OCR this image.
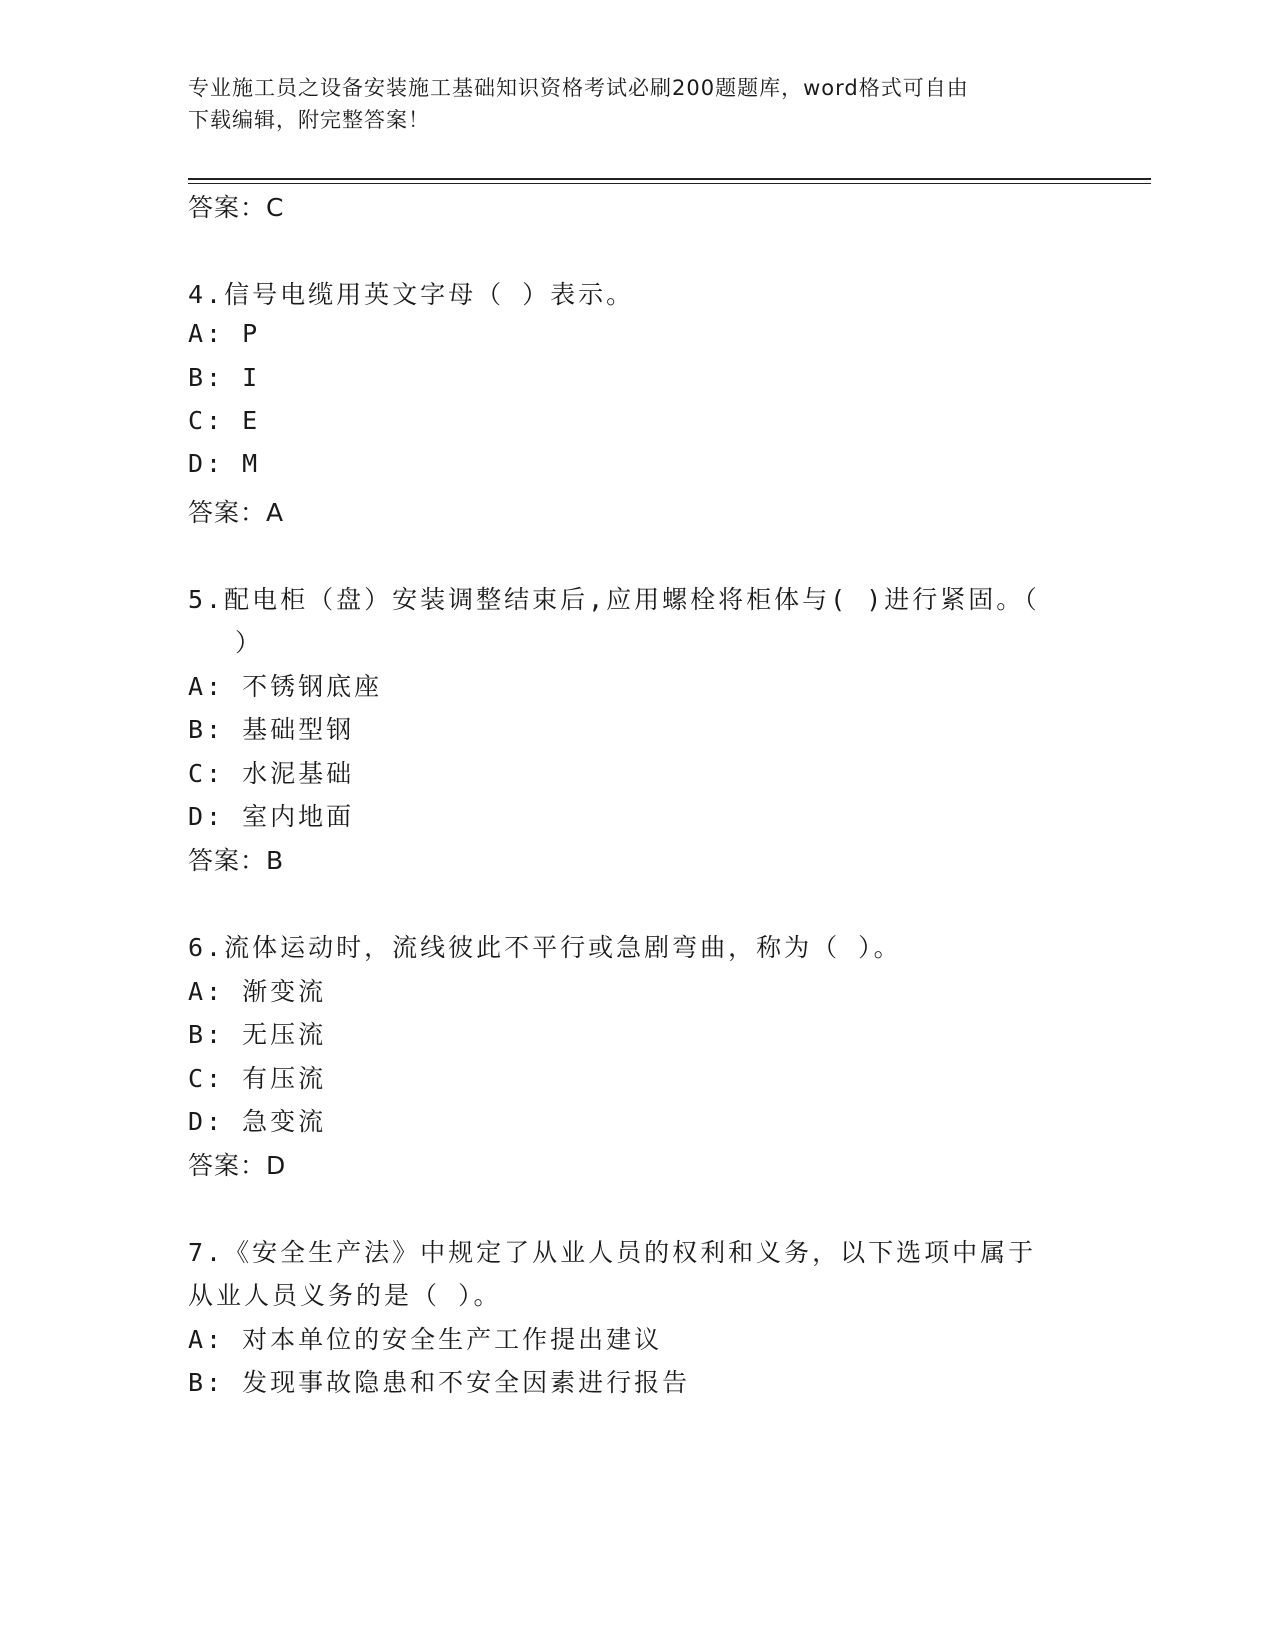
专业施工员之设备安装施工基础知识资格考试必刷200题题库，word格式可自由
下载编辑，附完整答案！
答案：C
4.信号电缆用英文字母（ ）表示。
A: P
B: I
C: E
D: M
答案：A
5.配电柜（盘）安装调整结束后,应用螺栓将柜体与( )进行紧固。（
）
A: 不锈钢底座
B: 基础型钢
C: 水泥基础
D: 室内地面
答案：B
6.流体运动时，流线彼此不平行或急剧弯曲，称为（ ）。
A: 渐变流
B: 无压流
C: 有压流
D: 急变流
答案：D
7.《安全生产法》中规定了从业人员的权利和义务，以下选项中属于
从业人员义务的是（ ）。
A: 对本单位的安全生产工作提出建议
B: 发现事故隐患和不安全因素进行报告
